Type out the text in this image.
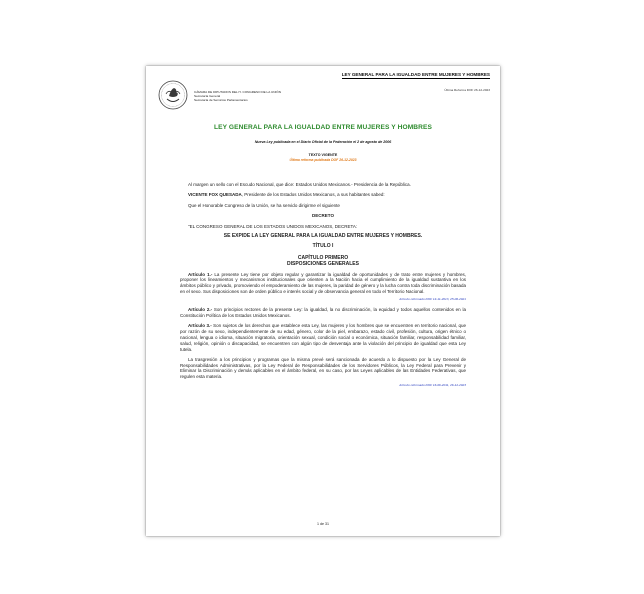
LEY GENERAL PARA LA IGUALDAD ENTRE MUJERES Y HOMBRES
CÁMARA DE DIPUTADOS DEL H. CONGRESO DE LA UNIÓN
Secretaría General
Secretaría de Servicios Parlamentarios
Última Reforma DOF 26-12-2023
LEY GENERAL PARA LA IGUALDAD ENTRE MUJERES Y HOMBRES
Nueva Ley publicada en el Diario Oficial de la Federación el 2 de agosto de 2006
TEXTO VIGENTE
Última reforma publicada DOF 26-12-2023

Al margen un sello con el Escudo Nacional, que dice: Estados Unidos Mexicanos.- Presidencia de la República.

VICENTE FOX QUESADA, Presidente de los Estados Unidos Mexicanos, a sus habitantes sabed:

Que el Honorable Congreso de la Unión, se ha servido dirigirme el siguiente

DECRETO

"EL CONGRESO GENERAL DE LOS ESTADOS UNIDOS MEXICANOS, DECRETA:

SE EXPIDE LA LEY GENERAL PARA LA IGUALDAD ENTRE MUJERES Y HOMBRES.

TÍTULO I

CAPÍTULO PRIMERO
DISPOSICIONES GENERALES

Artículo 1.- La presente Ley tiene por objeto regular y garantizar la igualdad de oportunidades y de trato entre mujeres y hombres, proponer los lineamientos y mecanismos institucionales que orienten a la Nación hacia el cumplimiento de la igualdad sustantiva en los ámbitos público y privado, promoviendo el empoderamiento de las mujeres, la paridad de género y la lucha contra toda discriminación basada en el sexo. Sus disposiciones son de orden público e interés social y de observancia general en todo el Territorio Nacional.

Artículo reformado DOF 14-11-2013, 25-06-2021

Artículo 2.- Son principios rectores de la presente Ley: la igualdad, la no discriminación, la equidad y todos aquellos contenidos en la Constitución Política de los Estados Unidos Mexicanos.

Artículo 3.- Son sujetos de los derechos que establece esta Ley, las mujeres y los hombres que se encuentren en territorio nacional, que por razón de su sexo, independientemente de su edad, género, color de la piel, embarazo, estado civil, profesión, cultura, origen étnico o nacional, lengua o idioma, situación migratoria, orientación sexual, condición social o económica, situación familiar, responsabilidad familiar, salud, religión, opinión o discapacidad, se encuentren con algún tipo de desventaja ante la violación del principio de igualdad que esta Ley tutela.

La trasgresión a los principios y programas que la misma prevé será sancionada de acuerdo a lo dispuesto por la Ley General de Responsabilidades Administrativas, por la Ley Federal de Responsabilidades de los Servidores Públicos, la Ley Federal para Prevenir y Eliminar la Discriminación y demás aplicables en el ámbito federal, en su caso, por las Leyes aplicables de las Entidades Federativas, que regulen esta materia.

Artículo reformado DOF 16-06-2011, 26-12-2023
1 de 31
